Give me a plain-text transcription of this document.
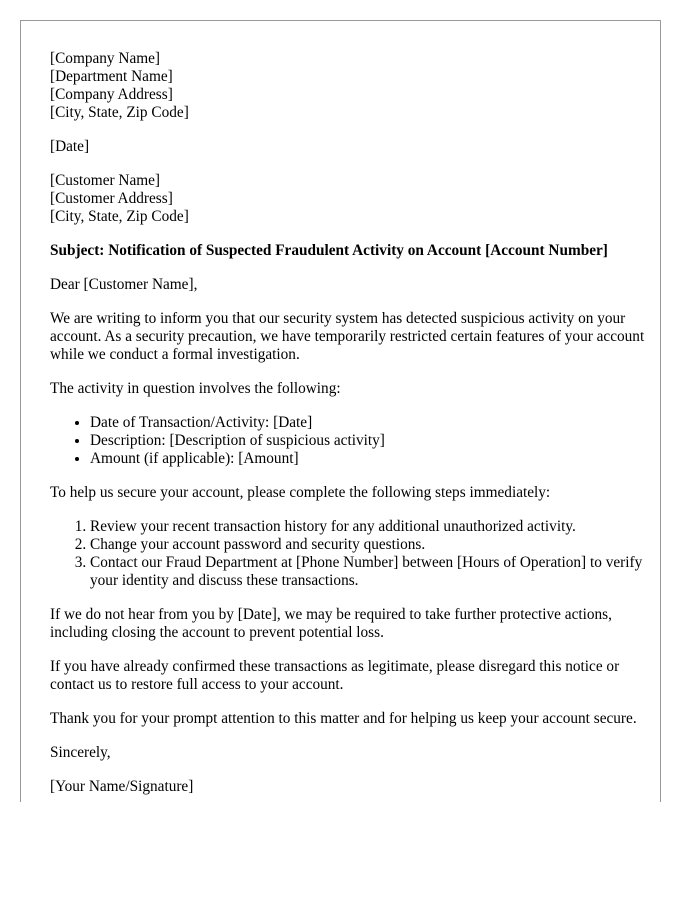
[Company Name]
[Department Name]
[Company Address]
[City, State, Zip Code]
[Date]
[Customer Name]
[Customer Address]
[City, State, Zip Code]
Subject: Notification of Suspected Fraudulent Activity on Account [Account Number]

Dear [Customer Name],

We are writing to inform you that our security system has detected suspicious activity on your account. As a security precaution, we have temporarily restricted certain features of your account while we conduct a formal investigation.

The activity in question involves the following:

• Date of Transaction/Activity: [Date]
• Description: [Description of suspicious activity]
• Amount (if applicable): [Amount]

To help us secure your account, please complete the following steps immediately:

1. Review your recent transaction history for any additional unauthorized activity.
2. Change your account password and security questions.
3. Contact our Fraud Department at [Phone Number] between [Hours of Operation] to verify your identity and discuss these transactions.

If we do not hear from you by [Date], we may be required to take further protective actions, including closing the account to prevent potential loss.

If you have already confirmed these transactions as legitimate, please disregard this notice or contact us to restore full access to your account.

Thank you for your prompt attention to this matter and for helping us keep your account secure.

Sincerely,

[Your Name/Signature]
